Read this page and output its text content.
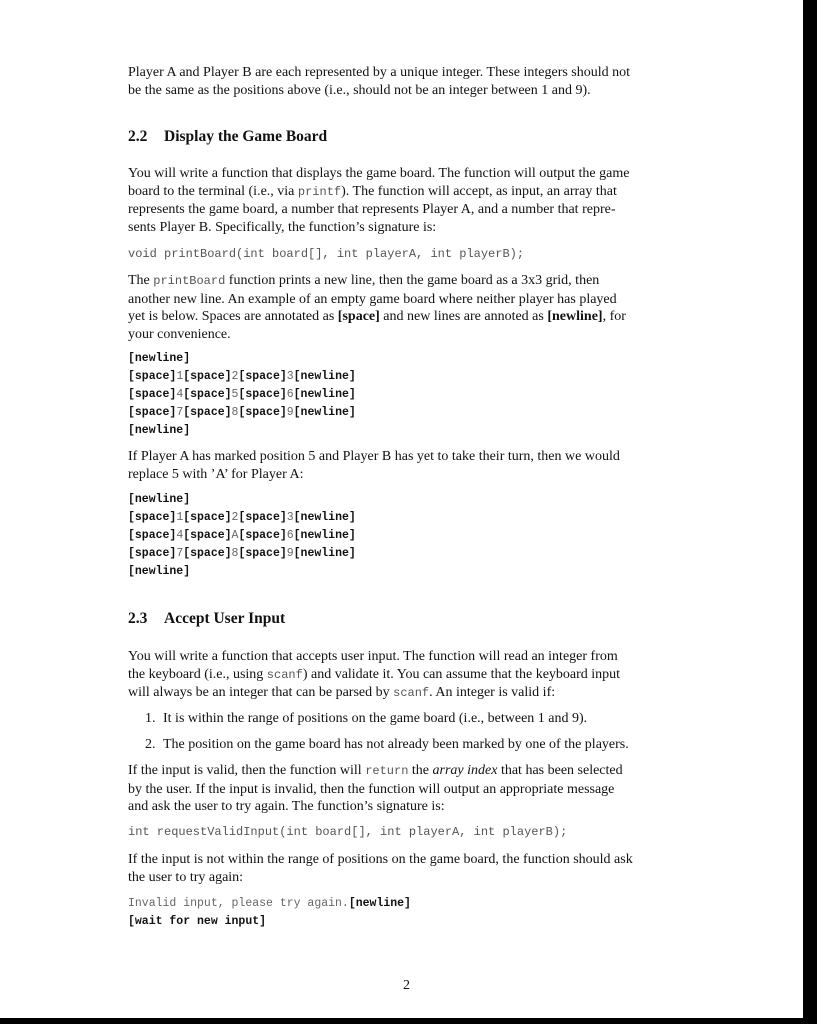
Player A and Player B are each represented by a unique integer. These integers should not
be the same as the positions above (i.e., should not be an integer between 1 and 9).
2.2 Display the Game Board
You will write a function that displays the game board. The function will output the game
board to the terminal (i.e., via printf). The function will accept, as input, an array that
represents the game board, a number that represents Player A, and a number that repre-
sents Player B. Specifically, the function’s signature is:
void printBoard(int board[], int playerA, int playerB);
The printBoard function prints a new line, then the game board as a 3x3 grid, then
another new line. An example of an empty game board where neither player has played
yet is below. Spaces are annotated as [space] and new lines are annoted as [newline], for
your convenience.
[newline]
[space]1[space]2[space]3[newline]
[space]4[space]5[space]6[newline]
[space]7[space]8[space]9[newline]
[newline]
If Player A has marked position 5 and Player B has yet to take their turn, then we would
replace 5 with ’A’ for Player A:
[newline]
[space]1[space]2[space]3[newline]
[space]4[space]A[space]6[newline]
[space]7[space]8[space]9[newline]
[newline]
2.3 Accept User Input
You will write a function that accepts user input. The function will read an integer from
the keyboard (i.e., using scanf) and validate it. You can assume that the keyboard input
will always be an integer that can be parsed by scanf. An integer is valid if:
1. It is within the range of positions on the game board (i.e., between 1 and 9).
2. The position on the game board has not already been marked by one of the players.
If the input is valid, then the function will return the array index that has been selected
by the user. If the input is invalid, then the function will output an appropriate message
and ask the user to try again. The function’s signature is:
int requestValidInput(int board[], int playerA, int playerB);
If the input is not within the range of positions on the game board, the function should ask
the user to try again:
Invalid input, please try again.[newline]
[wait for new input]
2
